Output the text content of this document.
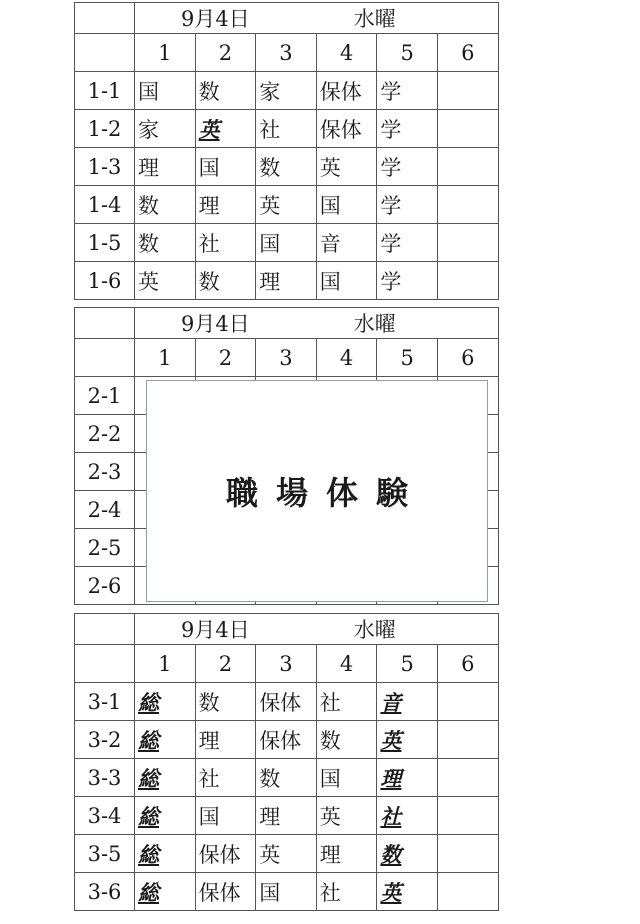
	9月4日 水曜					
	1	2	3	4	5	6
1-1	国	数	家	保体	学	
1-2	家	英	社	保体	学	
1-3	理	国	数	英	学	
1-4	数	理	英	国	学	
1-5	数	社	国	音	学	
1-6	英	数	理	国	学	
	9月4日 水曜					
	1	2	3	4	5	6
2-1						
2-2						
2-3						
2-4						
2-5						
2-6						
	9月4日 水曜					
	1	2	3	4	5	6
3-1	総	数	保体	社	音	
3-2	総	理	保体	数	英	
3-3	総	社	数	国	理	
3-4	総	国	理	英	社	
3-5	総	保体	英	理	数	
3-6	総	保体	国	社	英	
職場体験
